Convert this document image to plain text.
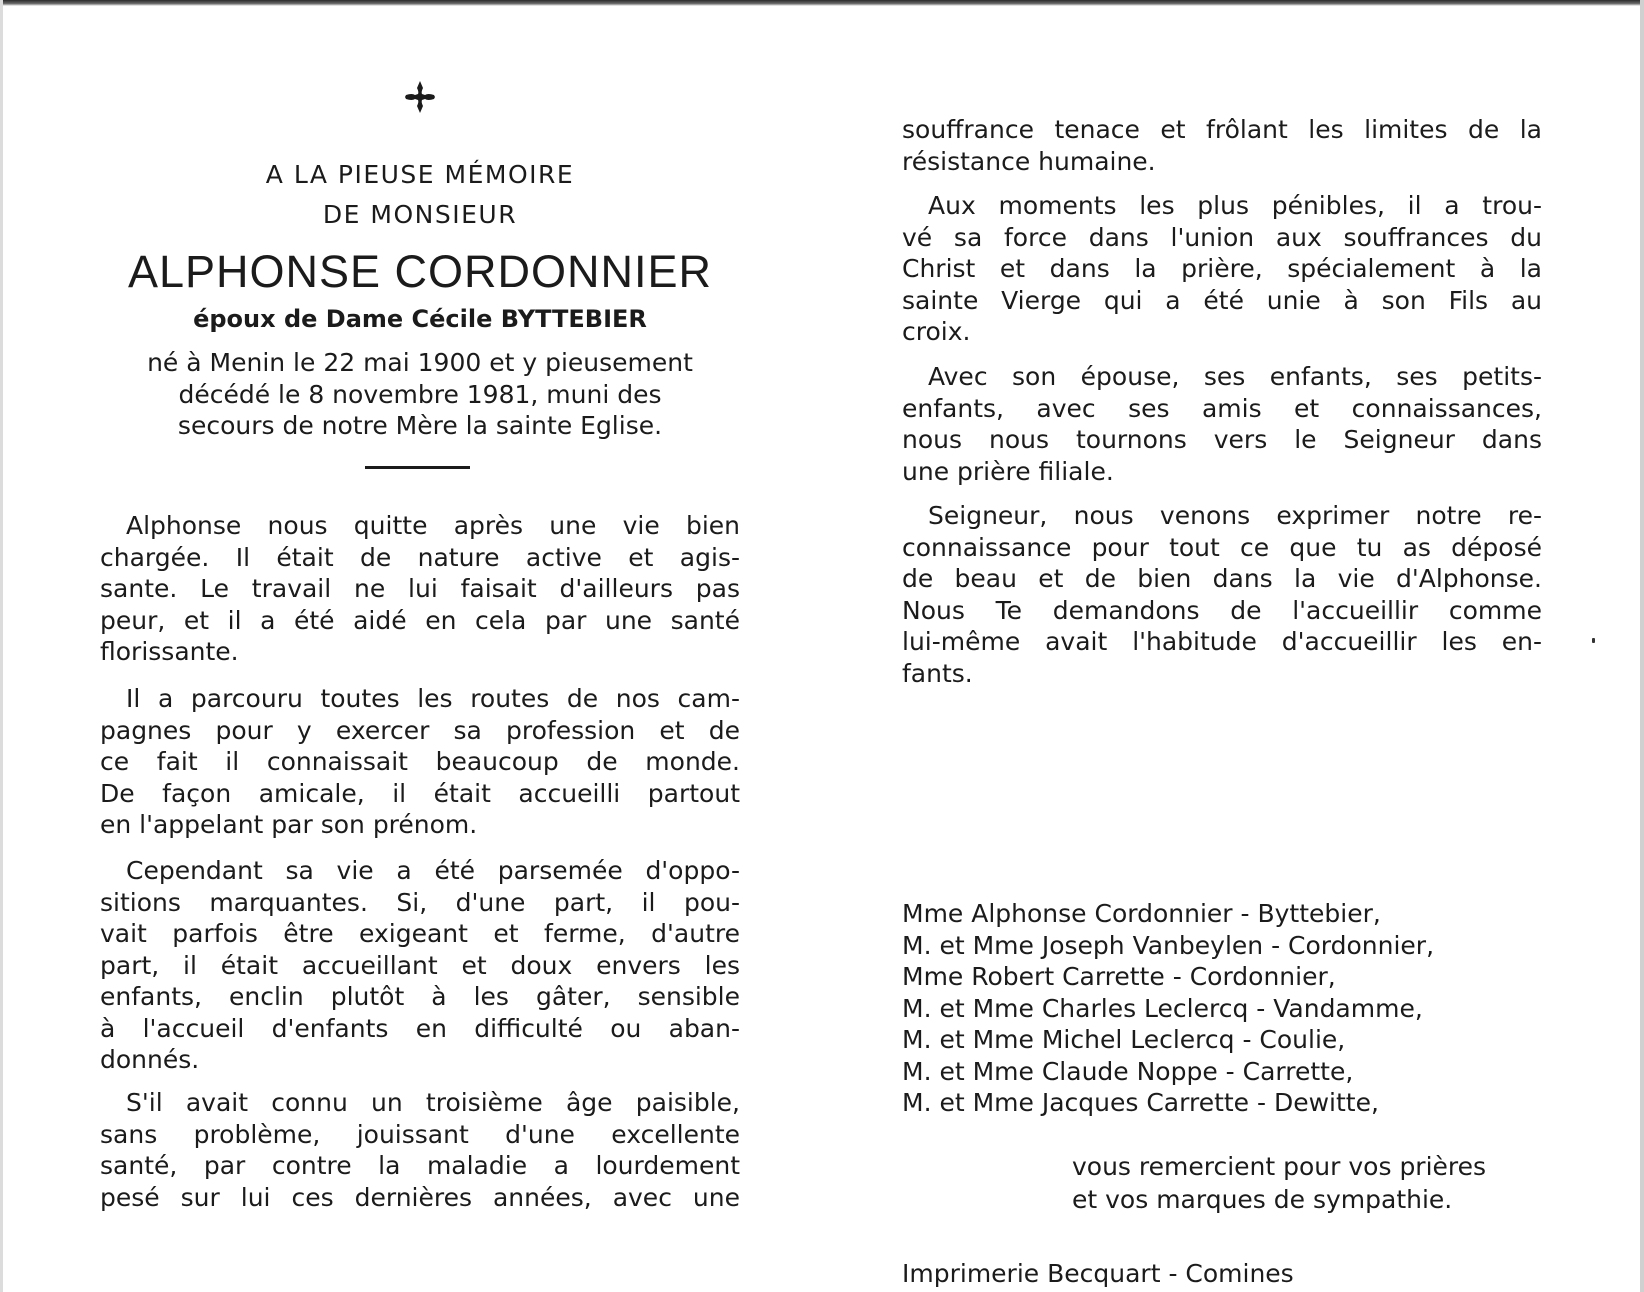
A LA PIEUSE MÉMOIRE
DE MONSIEUR
ALPHONSE CORDONNIER
époux de Dame Cécile BYTTEBIER
né à Menin le 22 mai 1900 et y pieusement
décédé le 8 novembre 1981, muni des
secours de notre Mère la sainte Eglise.
Alphonse nous quitte après une vie bien
chargée. Il était de nature active et agis-
sante. Le travail ne lui faisait d'ailleurs pas
peur, et il a été aidé en cela par une santé
florissante.
Il a parcouru toutes les routes de nos cam-
pagnes pour y exercer sa profession et de
ce fait il connaissait beaucoup de monde.
De façon amicale, il était accueilli partout
en l'appelant par son prénom.
Cependant sa vie a été parsemée d'oppo-
sitions marquantes. Si, d'une part, il pou-
vait parfois être exigeant et ferme, d'autre
part, il était accueillant et doux envers les
enfants, enclin plutôt à les gâter, sensible
à l'accueil d'enfants en difficulté ou aban-
donnés.
S'il avait connu un troisième âge paisible,
sans problème, jouissant d'une excellente
santé, par contre la maladie a lourdement
pesé sur lui ces dernières années, avec une
souffrance tenace et frôlant les limites de la
résistance humaine.
Aux moments les plus pénibles, il a trou-
vé sa force dans l'union aux souffrances du
Christ et dans la prière, spécialement à la
sainte Vierge qui a été unie à son Fils au
croix.
Avec son épouse, ses enfants, ses petits-
enfants, avec ses amis et connaissances,
nous nous tournons vers le Seigneur dans
une prière filiale.
Seigneur, nous venons exprimer notre re-
connaissance pour tout ce que tu as déposé
de beau et de bien dans la vie d'Alphonse.
Nous Te demandons de l'accueillir comme
lui-même avait l'habitude d'accueillir les en-
fants.
Mme Alphonse Cordonnier - Byttebier,
M. et Mme Joseph Vanbeylen - Cordonnier,
Mme Robert Carrette - Cordonnier,
M. et Mme Charles Leclercq - Vandamme,
M. et Mme Michel Leclercq - Coulie,
M. et Mme Claude Noppe - Carrette,
M. et Mme Jacques Carrette - Dewitte,
vous remercient pour vos prières
et vos marques de sympathie.
Imprimerie Becquart - Comines
